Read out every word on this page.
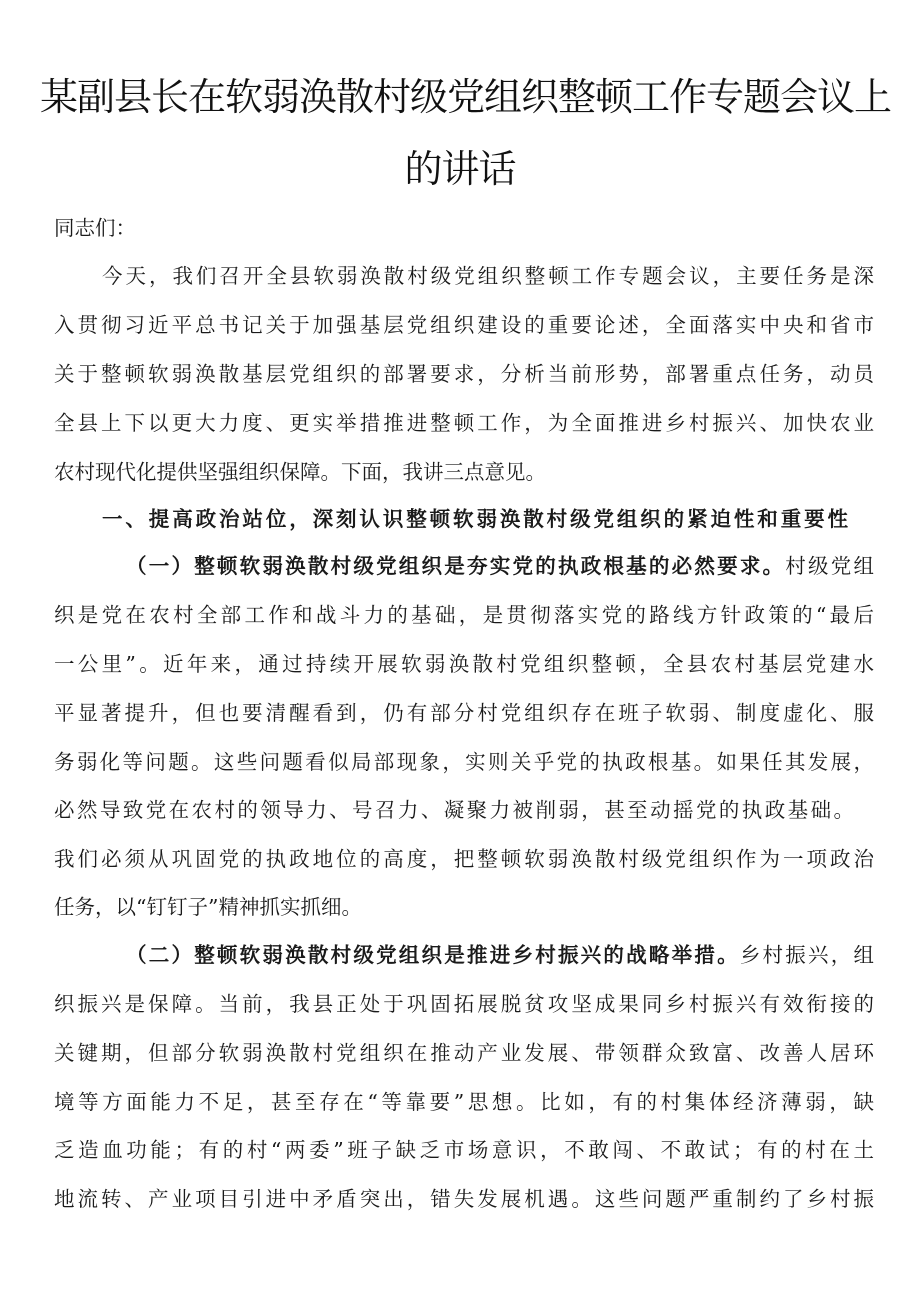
某副县长在软弱涣散村级党组织整顿工作专题会议上
的讲话
同志们：
今天，我们召开全县软弱涣散村级党组织整顿工作专题会议，主要任务是深
入贯彻习近平总书记关于加强基层党组织建设的重要论述，全面落实中央和省市
关于整顿软弱涣散基层党组织的部署要求，分析当前形势，部署重点任务，动员
全县上下以更大力度、更实举措推进整顿工作，为全面推进乡村振兴、加快农业
农村现代化提供坚强组织保障。下面，我讲三点意见。
一、提高政治站位，深刻认识整顿软弱涣散村级党组织的紧迫性和重要性
（一）整顿软弱涣散村级党组织是夯实党的执政根基的必然要求。村级党组
织是党在农村全部工作和战斗力的基础，是贯彻落实党的路线方针政策的“最后
一公里”。近年来，通过持续开展软弱涣散村党组织整顿，全县农村基层党建水
平显著提升，但也要清醒看到，仍有部分村党组织存在班子软弱、制度虚化、服
务弱化等问题。这些问题看似局部现象，实则关乎党的执政根基。如果任其发展，
必然导致党在农村的领导力、号召力、凝聚力被削弱，甚至动摇党的执政基础。
我们必须从巩固党的执政地位的高度，把整顿软弱涣散村级党组织作为一项政治
任务，以“钉钉子”精神抓实抓细。
（二）整顿软弱涣散村级党组织是推进乡村振兴的战略举措。乡村振兴，组
织振兴是保障。当前，我县正处于巩固拓展脱贫攻坚成果同乡村振兴有效衔接的
关键期，但部分软弱涣散村党组织在推动产业发展、带领群众致富、改善人居环
境等方面能力不足，甚至存在“等靠要”思想。比如，有的村集体经济薄弱，缺
乏造血功能；有的村“两委”班子缺乏市场意识，不敢闯、不敢试；有的村在土
地流转、产业项目引进中矛盾突出，错失发展机遇。这些问题严重制约了乡村振
